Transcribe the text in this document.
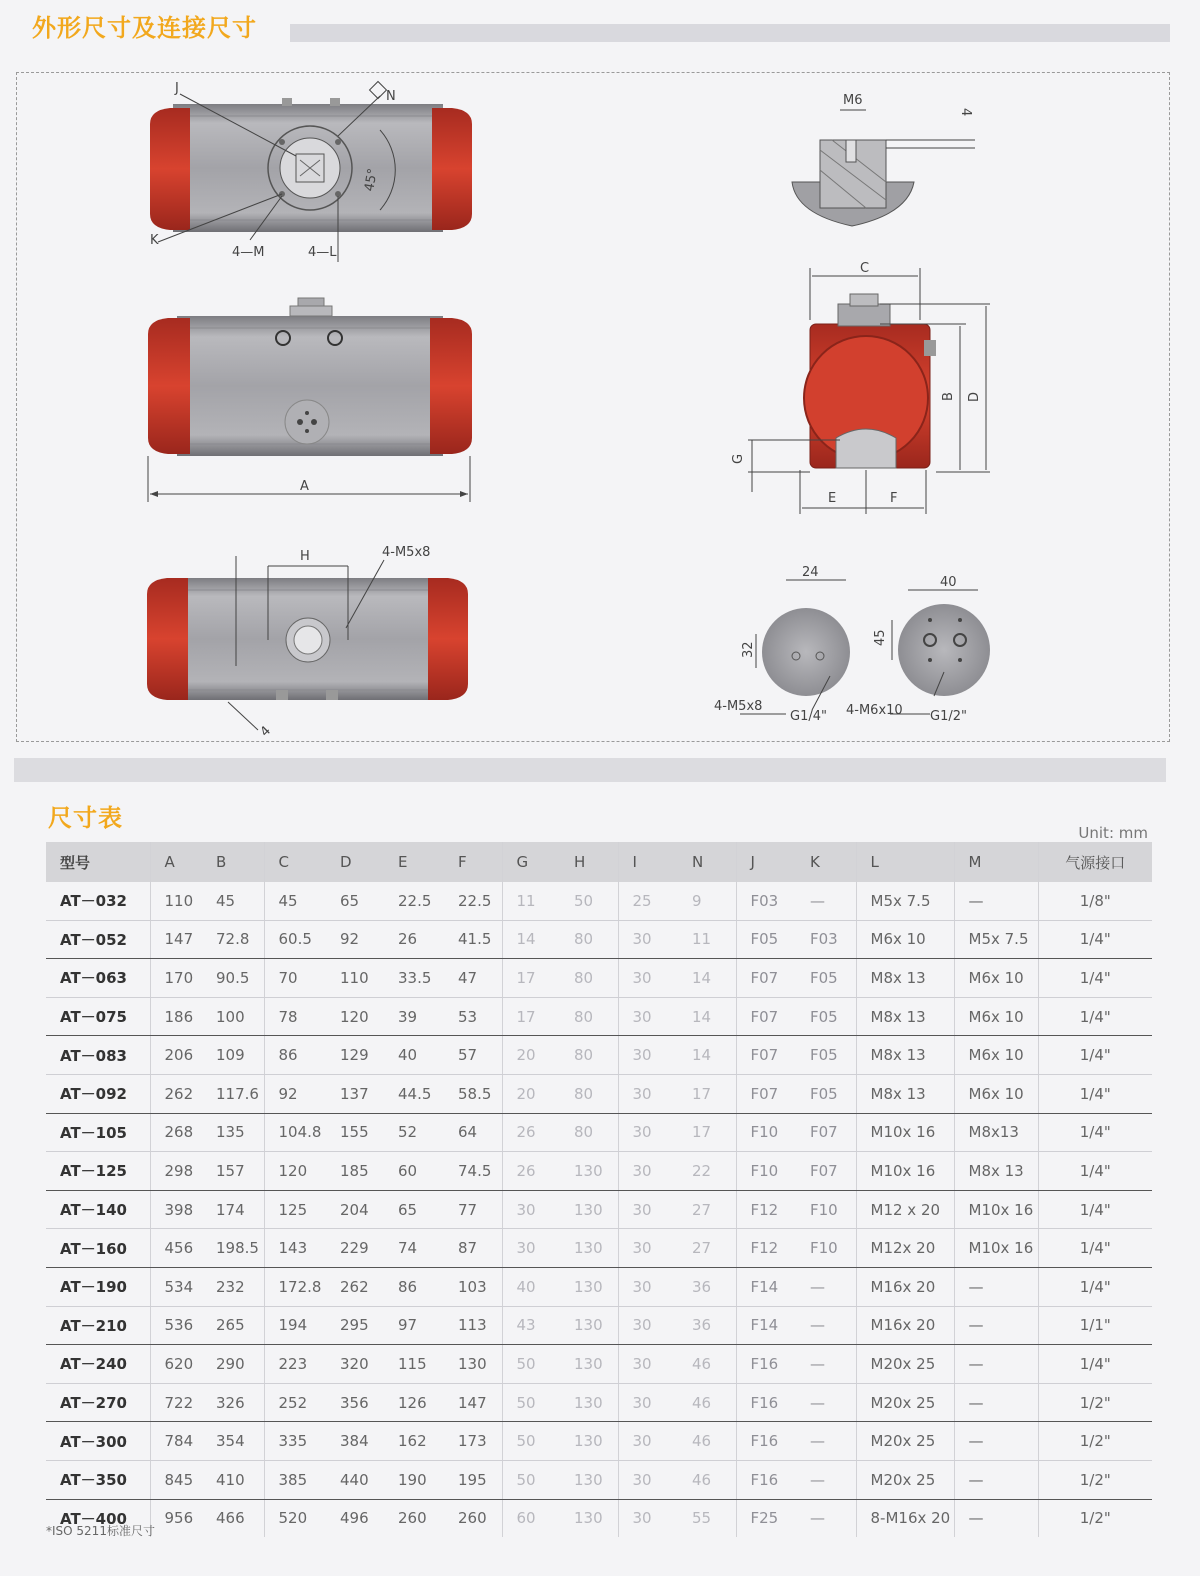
外形尺寸及连接尺寸
J
K
N
4—M	4—L
45°
A
H	4-M5x8
4
M6
4
C
B D
G
E	F
24
32
4-M5x8
G1/4"
40
45
4-M6x10 G1/2"
尺寸表
Unit: mm
型号	A	B	C	D	E	F	G	H	I	N	J	K	L	M	气源接口
AT－032	110	45	45	65	22.5	22.5	11	50	25	9	F03	—	M5x 7.5	—	1/8"
AT－052	147	72.8	60.5	92	26	41.5	14	80	30	11	F05	F03	M6x 10	M5x 7.5	1/4"
AT－063	170	90.5	70	110	33.5	47	17	80	30	14	F07	F05	M8x 13	M6x 10	1/4"
AT－075	186	100	78	120	39	53	17	80	30	14	F07	F05	M8x 13	M6x 10	1/4"
AT－083	206	109	86	129	40	57	20	80	30	14	F07	F05	M8x 13	M6x 10	1/4"
AT－092	262	117.6	92	137	44.5	58.5	20	80	30	17	F07	F05	M8x 13	M6x 10	1/4"
AT－105	268	135	104.8	155	52	64	26	80	30	17	F10	F07	M10x 16	M8x13	1/4"
AT－125	298	157	120	185	60	74.5	26	130	30	22	F10	F07	M10x 16	M8x 13	1/4"
AT－140	398	174	125	204	65	77	30	130	30	27	F12	F10	M12 x 20	M10x 16	1/4"
AT－160	456	198.5	143	229	74	87	30	130	30	27	F12	F10	M12x 20	M10x 16	1/4"
AT－190	534	232	172.8	262	86	103	40	130	30	36	F14	—	M16x 20	—	1/4"
AT－210	536	265	194	295	97	113	43	130	30	36	F14	—	M16x 20	—	1/1"
AT－240	620	290	223	320	115	130	50	130	30	46	F16	—	M20x 25	—	1/4"
AT－270	722	326	252	356	126	147	50	130	30	46	F16	—	M20x 25	—	1/2"
AT－300	784	354	335	384	162	173	50	130	30	46	F16	—	M20x 25	—	1/2"
AT－350	845	410	385	440	190	195	50	130	30	46	F16	—	M20x 25	—	1/2"
AT－400	956	466	520	496	260	260	60	130	30	55	F25	—	8-M16x 20	—	1/2"
*ISO 5211标准尺寸
